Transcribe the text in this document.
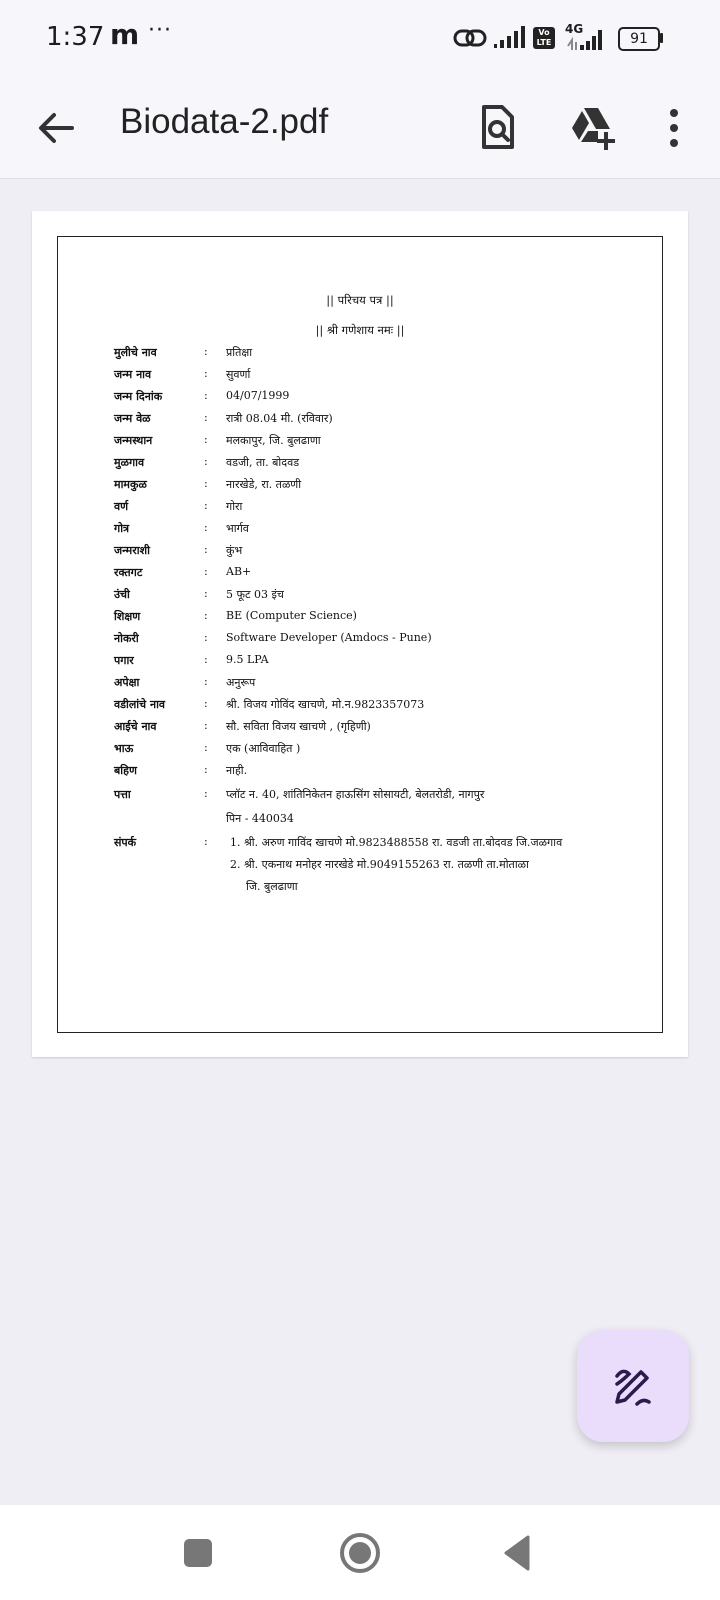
1:37 m ···	Vo
LTE
4G
91
Biodata-2.pdf
|| परिचय पत्र ||
|| श्री गणेशाय नमः ||
मुलीचे नाव	: प्रतिक्षा
जन्म नाव	: सुवर्णा
जन्म दिनांक	: 04/07/1999
जन्म वेळ	: रात्री 08.04 मी. (रविवार)
जन्मस्थान	: मलकापुर, जि. बुलढाणा
मुळगाव	: वडजी, ता. बोदवड
मामकुळ	: नारखेडे, रा. तळणी
वर्ण	: गोरा
गोत्र	: भार्गव
जन्मराशी	: कुंभ
रक्तगट	: AB+
उंची	: 5 फूट 03 इंच
शिक्षण	: BE (Computer Science)
नोकरी	: Software Developer (Amdocs - Pune)
पगार	: 9.5 LPA
अपेक्षा	: अनुरूप
वडीलांचे नाव	: श्री. विजय गोविंद खाचणे, मो.न.9823357073
आईचे नाव	: सौ. सविता विजय खाचणे , (गृहिणी)
भाऊ	: एक (आविवाहित )
बहिण	: नाही.
पत्ता	: प्लॉट न. 40, शांतिनिकेतन हाऊसिंग सोसायटी, बेलतरोडी, नागपुर
पिन - 440034
संपर्क	: 1. श्री. अरुण गाविंद खाचणे मो.9823488558 रा. वडजी ता.बोदवड जि.जळगाव
2. श्री. एकनाथ मनोहर नारखेडे मो.9049155263 रा. तळणी ता.मोताळा
जि. बुलढाणा
